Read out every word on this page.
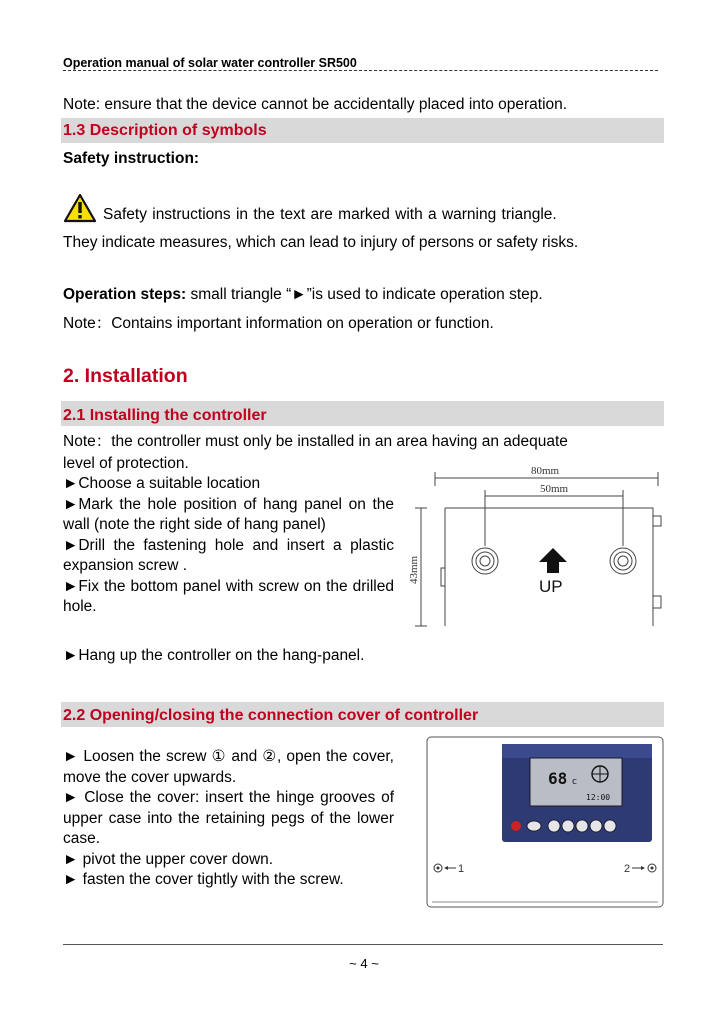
Operation manual of solar water controller SR500
Note: ensure that the device cannot be accidentally placed into operation.
1.3 Description of symbols
Safety instruction:
Safety instructions in the text are marked with a warning triangle.
They indicate measures, which can lead to injury of persons or safety risks.
Operation steps: small triangle “►”is used to indicate operation step.
Note：Contains important information on operation or function.
2. Installation
2.1 Installing the controller
Note：the controller must only be installed in an area having an adequate
level of protection.
►Choose a suitable location
►Mark the hole position of hang panel on the wall (note the right side of hang panel)
►Drill the fastening hole and insert a plastic expansion screw .
►Fix the bottom panel with screw on the drilled hole.
►Hang up the controller on the hang-panel.
UP
80mm
50mm
43mm
2.2 Opening/closing the connection cover of controller
► Loosen the screw ① and ②, open the cover, move the cover upwards.
► Close the cover: insert the hinge grooves of upper case into the retaining pegs of the lower case.
► pivot the upper cover down.
► fasten the cover tightly with the screw.
68 c
12:00
1	2
~ 4 ~
